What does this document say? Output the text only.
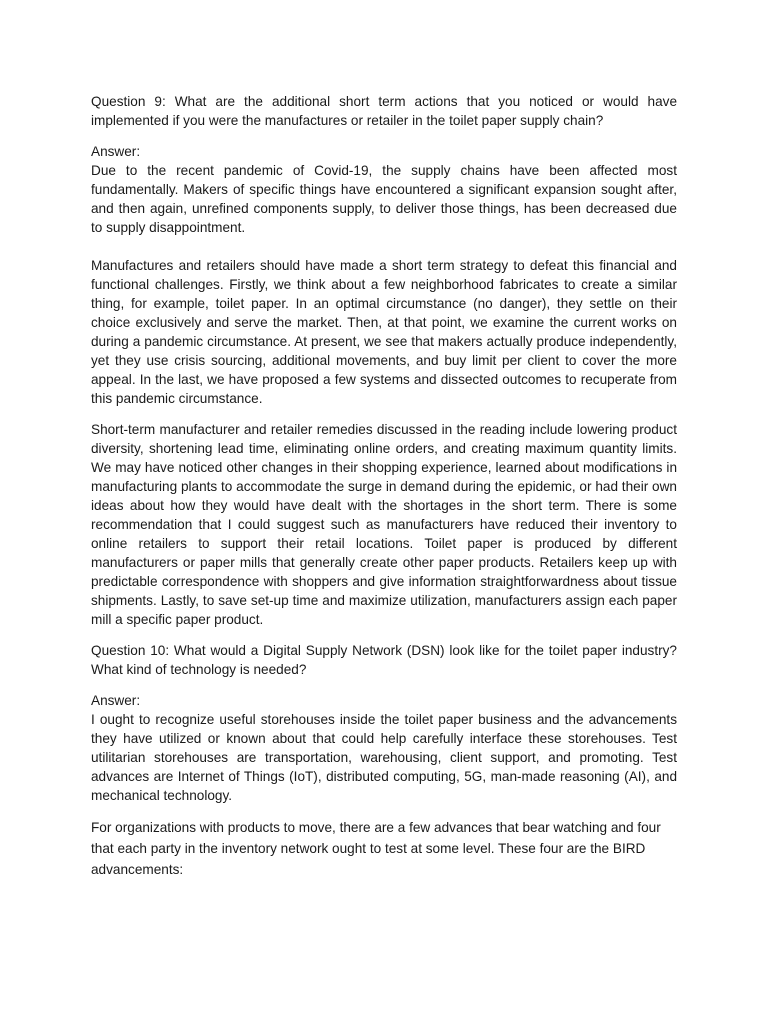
Question 9: What are the additional short term actions that you noticed or would have implemented if you were the manufactures or retailer in the toilet paper supply chain?

Answer:

Due to the recent pandemic of Covid-19, the supply chains have been affected most fundamentally. Makers of specific things have encountered a significant expansion sought after, and then again, unrefined components supply, to deliver those things, has been decreased due to supply disappointment.

Manufactures and retailers should have made a short term strategy to defeat this financial and functional challenges. Firstly, we think about a few neighborhood fabricates to create a similar thing, for example, toilet paper. In an optimal circumstance (no danger), they settle on their choice exclusively and serve the market. Then, at that point, we examine the current works on during a pandemic circumstance. At present, we see that makers actually produce independently, yet they use crisis sourcing, additional movements, and buy limit per client to cover the more appeal. In the last, we have proposed a few systems and dissected outcomes to recuperate from this pandemic circumstance.

Short-term manufacturer and retailer remedies discussed in the reading include lowering product diversity, shortening lead time, eliminating online orders, and creating maximum quantity limits. We may have noticed other changes in their shopping experience, learned about modifications in manufacturing plants to accommodate the surge in demand during the epidemic, or had their own ideas about how they would have dealt with the shortages in the short term. There is some recommendation that I could suggest such as manufacturers have reduced their inventory to online retailers to support their retail locations. Toilet paper is produced by different manufacturers or paper mills that generally create other paper products. Retailers keep up with predictable correspondence with shoppers and give information straightforwardness about tissue shipments. Lastly, to save set-up time and maximize utilization, manufacturers assign each paper mill a specific paper product.

Question 10: What would a Digital Supply Network (DSN) look like for the toilet paper industry? What kind of technology is needed?

Answer:

I ought to recognize useful storehouses inside the toilet paper business and the advancements they have utilized or known about that could help carefully interface these storehouses. Test utilitarian storehouses are transportation, warehousing, client support, and promoting. Test advances are Internet of Things (IoT), distributed computing, 5G, man-made reasoning (AI), and mechanical technology.

For organizations with products to move, there are a few advances that bear watching and four that each party in the inventory network ought to test at some level. These four are the BIRD advancements:
